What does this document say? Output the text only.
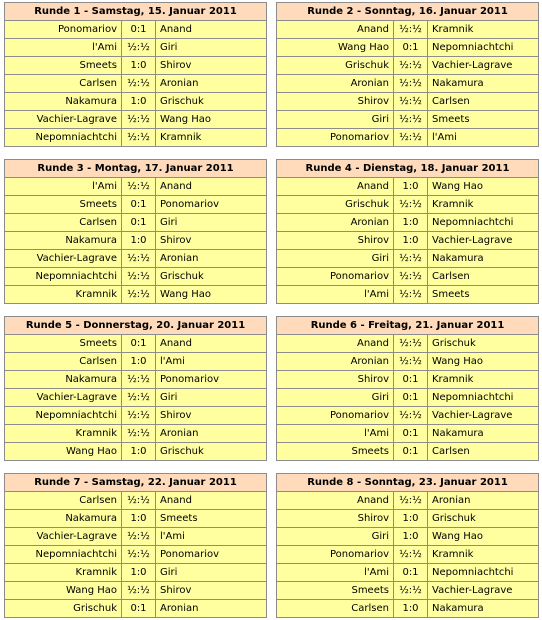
Runde 1 - Samstag, 15. Januar 2011		
Ponomariov	0:1	Anand
l'Ami	½:½	Giri
Smeets	1:0	Shirov
Carlsen	½:½	Aronian
Nakamura	1:0	Grischuk
Vachier-Lagrave	½:½	Wang Hao
Nepomniachtchi	½:½	Kramnik
Runde 2 - Sonntag, 16. Januar 2011		
Anand	½:½	Kramnik
Wang Hao	0:1	Nepomniachtchi
Grischuk	½:½	Vachier-Lagrave
Aronian	½:½	Nakamura
Shirov	½:½	Carlsen
Giri	½:½	Smeets
Ponomariov	½:½	l'Ami
Runde 3 - Montag, 17. Januar 2011		
l'Ami	½:½	Anand
Smeets	0:1	Ponomariov
Carlsen	0:1	Giri
Nakamura	1:0	Shirov
Vachier-Lagrave	½:½	Aronian
Nepomniachtchi	½:½	Grischuk
Kramnik	½:½	Wang Hao
Runde 4 - Dienstag, 18. Januar 2011		
Anand	1:0	Wang Hao
Grischuk	½:½	Kramnik
Aronian	1:0	Nepomniachtchi
Shirov	1:0	Vachier-Lagrave
Giri	½:½	Nakamura
Ponomariov	½:½	Carlsen
l'Ami	½:½	Smeets
Runde 5 - Donnerstag, 20. Januar 2011		
Smeets	0:1	Anand
Carlsen	1:0	l'Ami
Nakamura	½:½	Ponomariov
Vachier-Lagrave	½:½	Giri
Nepomniachtchi	½:½	Shirov
Kramnik	½:½	Aronian
Wang Hao	1:0	Grischuk
Runde 6 - Freitag, 21. Januar 2011		
Anand	½:½	Grischuk
Aronian	½:½	Wang Hao
Shirov	0:1	Kramnik
Giri	0:1	Nepomniachtchi
Ponomariov	½:½	Vachier-Lagrave
l'Ami	0:1	Nakamura
Smeets	0:1	Carlsen
Runde 7 - Samstag, 22. Januar 2011		
Carlsen	½:½	Anand
Nakamura	1:0	Smeets
Vachier-Lagrave	½:½	l'Ami
Nepomniachtchi	½:½	Ponomariov
Kramnik	1:0	Giri
Wang Hao	½:½	Shirov
Grischuk	0:1	Aronian
Runde 8 - Sonntag, 23. Januar 2011		
Anand	½:½	Aronian
Shirov	1:0	Grischuk
Giri	1:0	Wang Hao
Ponomariov	½:½	Kramnik
l'Ami	0:1	Nepomniachtchi
Smeets	½:½	Vachier-Lagrave
Carlsen	1:0	Nakamura
